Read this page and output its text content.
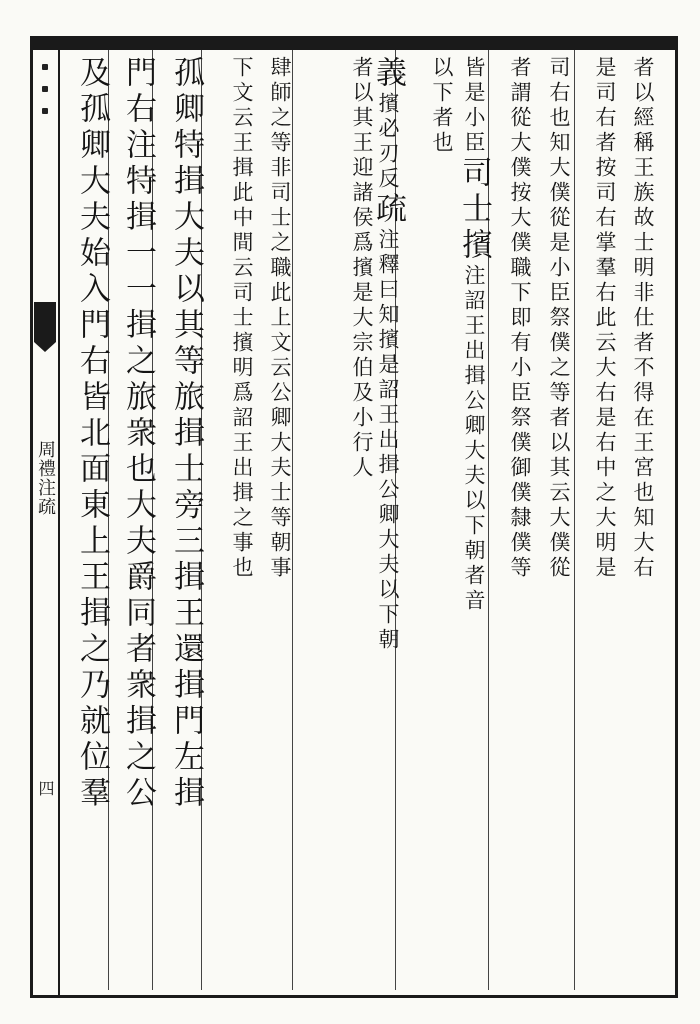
周禮注疏
四
者以經稱王族故士明非仕者不得在王宮也知大右
是司右者按司右掌羣右此云大右是右中之大明是
司右也知大僕從是小臣祭僕之等者以其云大僕從
者謂從大僕按大僕職下即有小臣祭僕御僕隸僕等
皆是小臣司士擯注詔王出揖公卿大夫以下朝者音
以下者也
義擯必刃反疏注釋曰知擯是詔王出揖公卿大夫以下朝
者以其王迎諸侯爲擯是大宗伯及小行人
肆師之等非司士之職此上文云公卿大夫士等朝事
下文云王揖此中間云司士擯明爲詔王出揖之事也
孤卿特揖大夫以其等旅揖士旁三揖王還揖門左揖
門右注特揖一一揖之旅衆也大夫爵同者衆揖之公
及孤卿大夫始入門右皆北面東上王揖之乃就位羣
